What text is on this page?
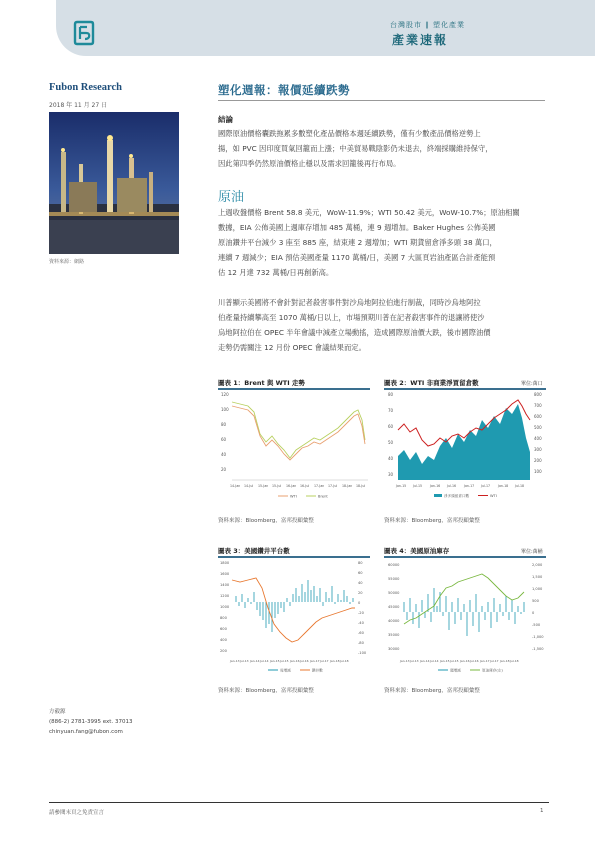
台灣股市 ∥ 塑化產業
產業速報
Fubon Research
2018 年 11 月 27 日
資料來源：網路
塑化週報：報價延續跌勢
結論
國際原油價格囊跌拖累多數塑化產品價格本週延續跌勢，僅有少數產品價格逆勢上
揚，如 PVC 因印度買氣回籠而上漲；中美貿易戰陰影仍未退去，終端採購維持保守，
因此第四季仍然原油價格止穩以及需求回籠後再行布局。
原油
上週收盤價格 Brent 58.8 美元，WoW-11.9%；WTI 50.42 美元，WoW-10.7%；原油相關
數據，EIA 公佈美國上週庫存增加 485 萬桶，連 9 週增加。Baker Hughes 公佈美國
原油鑽井平台減少 3 座至 885 座，結束連 2 週增加；WTI 期貨留倉淨多頭 38 萬口，
連續 7 週減少；EIA 預估美國產量 1170 萬桶/日，美國 7 大區頁岩油產區合計產能預
估 12 月達 732 萬桶/日再創新高。
川普顯示美國將不會針對記者殺害事件對沙烏地阿拉伯進行制裁，同時沙烏地阿拉
伯產量持續攀高至 1070 萬桶/日以上，市場預期川普在記者殺害事件的退讓將使沙
烏地阿拉伯在 OPEC 半年會議中減產立場動搖，造成國際原油價大跌，後市國際油價
走勢仍需關注 12 月份 OPEC 會議結果而定。
圖表 1：Brent 與 WTI 走勢
120
100
80
60
40
20
14-Jan 14-Jul 15-Jan 15-Jul 16-Jan 16-Jul 17-Jan 17-Jul 18-Jan 18-Jul
WTI	Brent
資料來源：Bloomberg，富邦投顧彙整
圖表 2：WTI 非商業淨買留倉數	單位:萬口
80
70
60
50
40
30
800
700
600
500
400
300
200
100
Jan-15	Jul-15	Jan-16	Jul-16	Jan-17	Jul-17	Jan-18	Jul-18
淨多頭留倉口數	WTI
資料來源：Bloomberg，富邦投顧彙整
圖表 3：美國鑽井平台數
1800
1600
1400
1200
1000
800
600
400
200
80
60
40
20
0
-20
-40
-60
-80
-100
Jan-13 Jul-13 Jan-14 Jul-14 Jan-15 Jul-15 Jan-16 Jul-16 Jan-17 Jul-17 Jan-18 Jul-18
周增減	鑽井數
資料來源：Bloomberg，富邦投顧彙整
圖表 4：美國原油庫存	單位:萬桶
60000
55000
50000
45000
40000
35000
30000
2,000
1,500
1,000
500
0
-500
-1,000
-1,500
Jan-13 Jul-13 Jan-14 Jul-14 Jan-15 Jul-15 Jan-16 Jul-16 Jan-17 Jul-17 Jan-18 Jul-18
週增減	原油庫存(左)
資料來源：Bloomberg，富邦投顧彙整
方毅源
(886-2) 2781-3995 ext. 37013
chinyuan.fang@fubon.com
請參閱末頁之免責宣言	1
